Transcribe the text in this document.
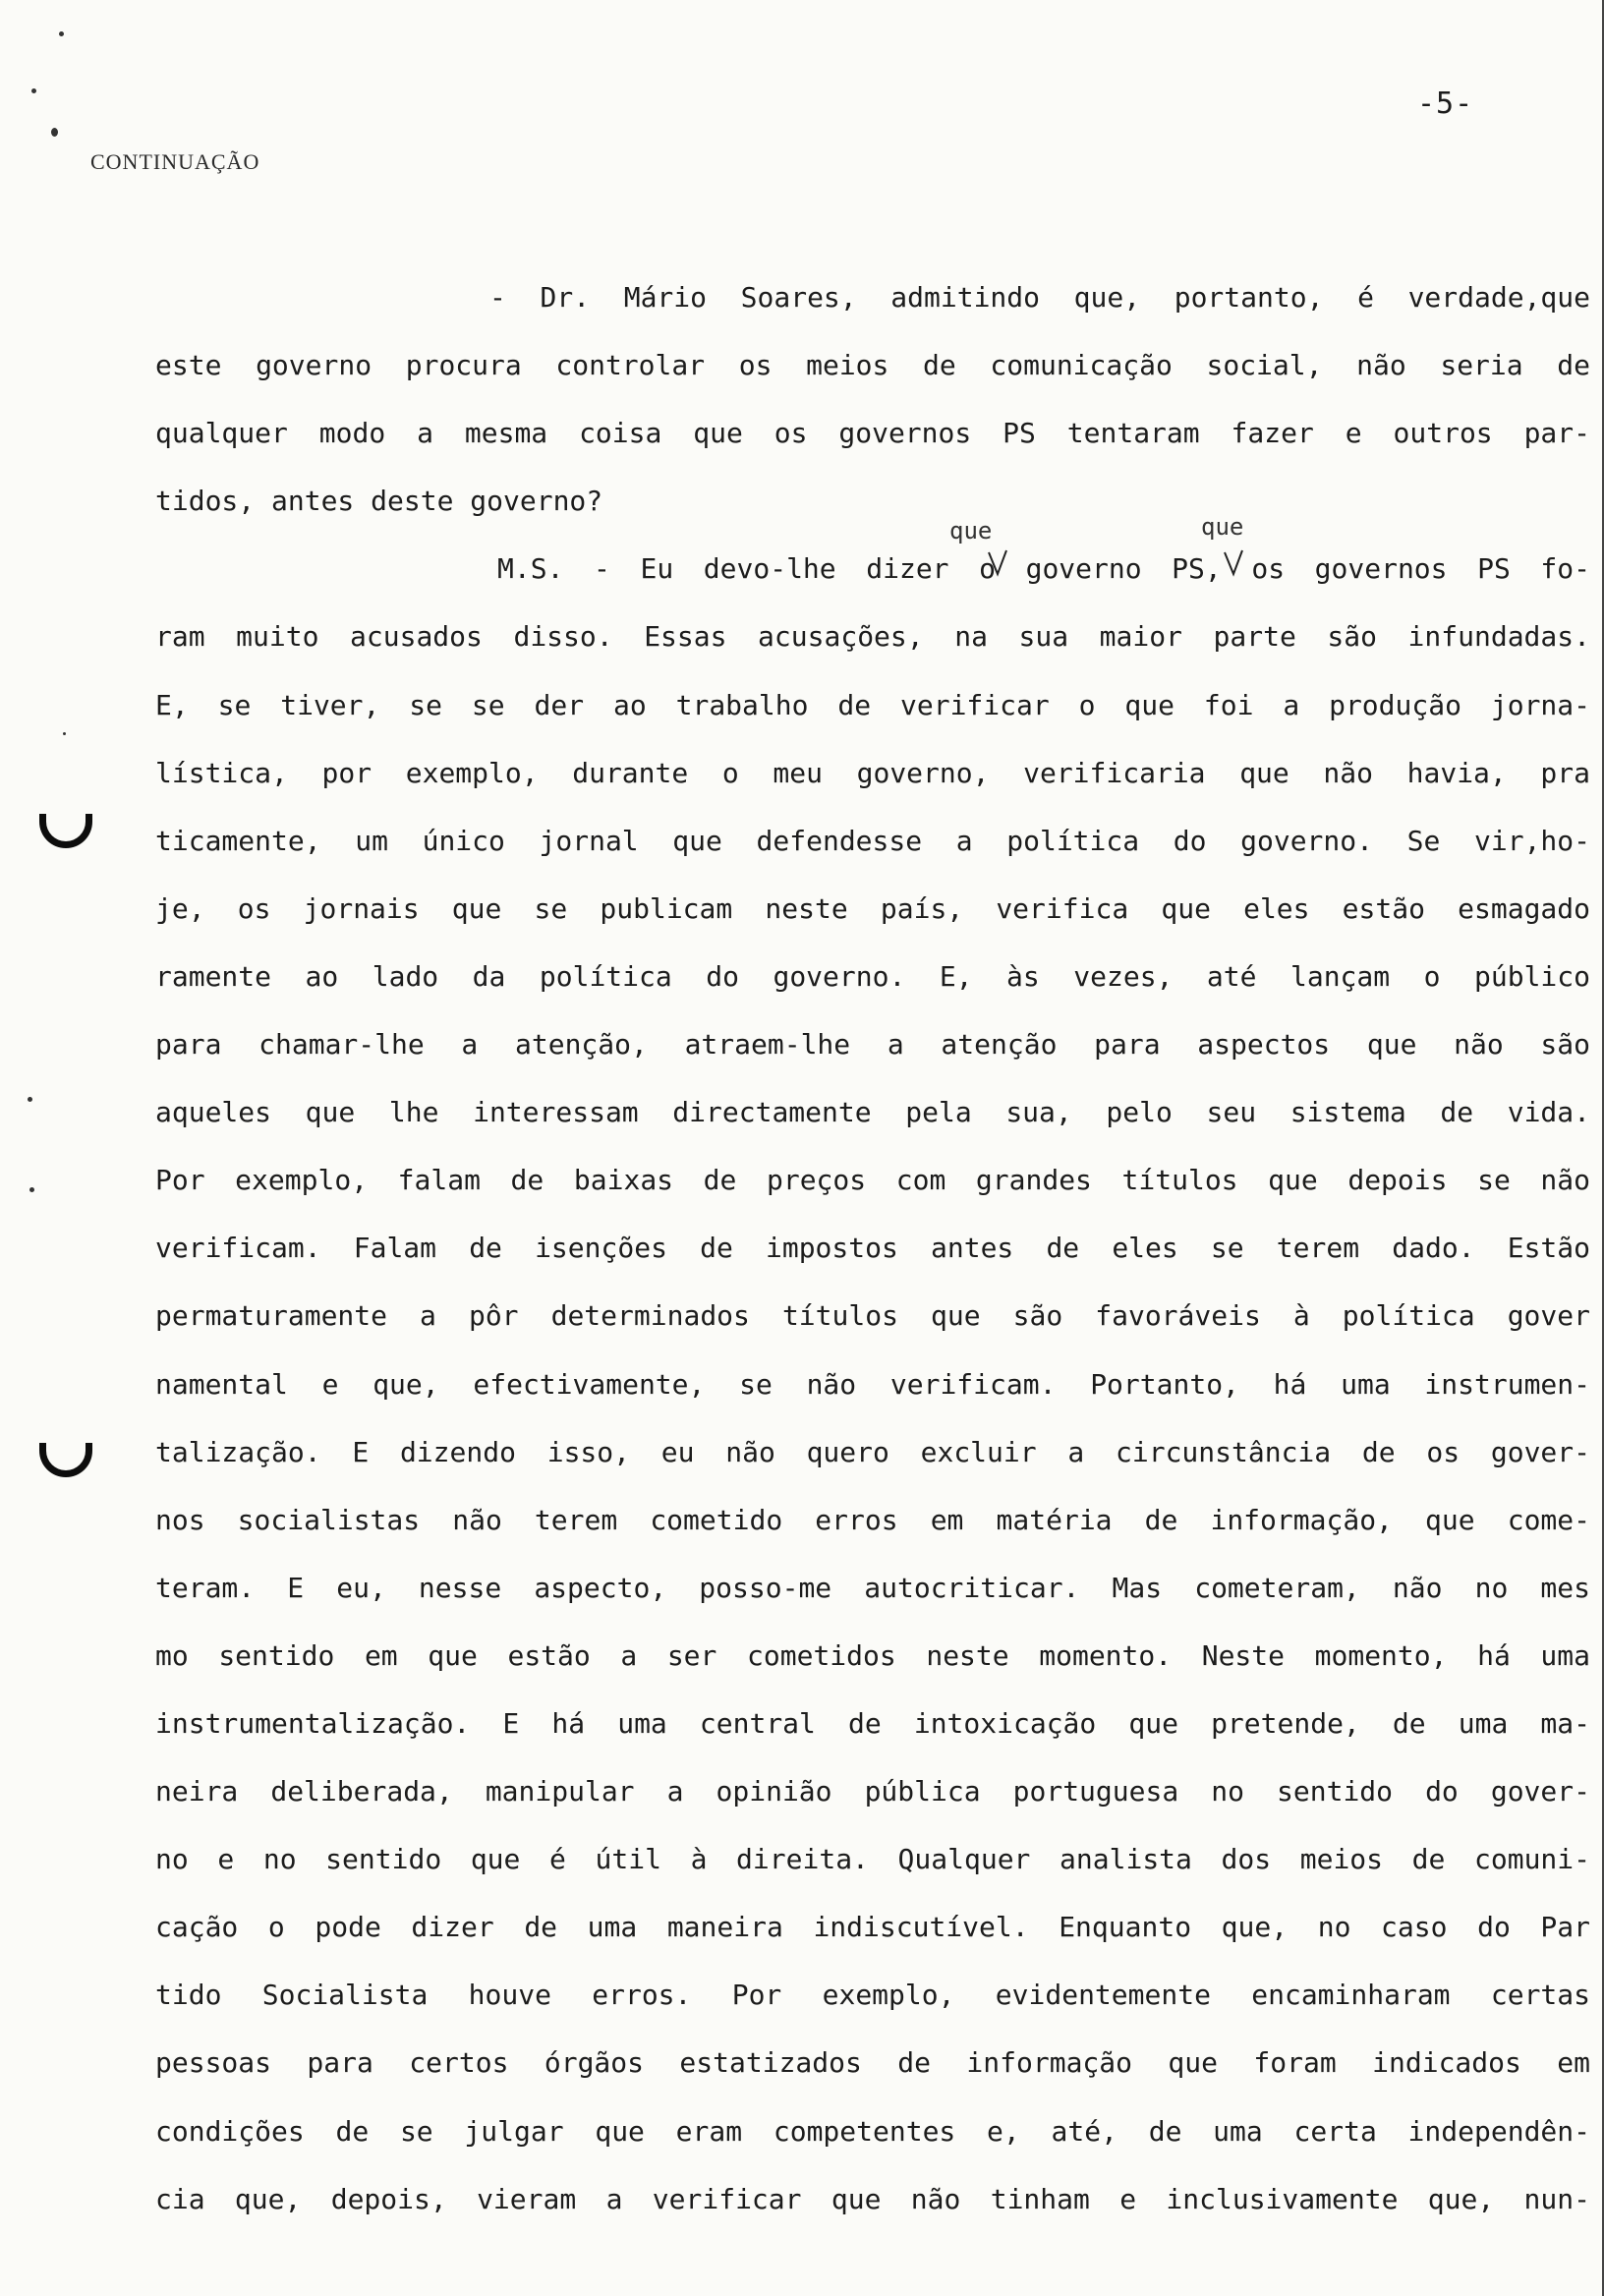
-5-
CONTINUAÇÃO
que	que
- Dr. Mário Soares, admitindo que, portanto, é verdade,que
este governo procura controlar os meios de comunicação social, não seria de
qualquer modo a mesma coisa que os governos PS tentaram fazer e outros par-
tidos, antes deste governo?
M.S. - Eu devo-lhe dizer o governo PS, os governos PS fo-
ram muito acusados disso. Essas acusações, na sua maior parte são infundadas.
E, se tiver, se se der ao trabalho de verificar o que foi a produção jorna-
lística, por exemplo, durante o meu governo, verificaria que não havia, pra
ticamente, um único jornal que defendesse a política do governo. Se vir,ho-
je, os jornais que se publicam neste país, verifica que eles estão esmagado
ramente ao lado da política do governo. E, às vezes, até lançam o público
para chamar-lhe a atenção, atraem-lhe a atenção para aspectos que não são
aqueles que lhe interessam directamente pela sua, pelo seu sistema de vida.
Por exemplo, falam de baixas de preços com grandes títulos que depois se não
verificam. Falam de isenções de impostos antes de eles se terem dado. Estão
permaturamente a pôr determinados títulos que são favoráveis à política gover
namental e que, efectivamente, se não verificam. Portanto, há uma instrumen-
talização. E dizendo isso, eu não quero excluir a circunstância de os gover-
nos socialistas não terem cometido erros em matéria de informação, que come-
teram. E eu, nesse aspecto, posso-me autocriticar. Mas cometeram, não no mes
mo sentido em que estão a ser cometidos neste momento. Neste momento, há uma
instrumentalização. E há uma central de intoxicação que pretende, de uma ma-
neira deliberada, manipular a opinião pública portuguesa no sentido do gover-
no e no sentido que é útil à direita. Qualquer analista dos meios de comuni-
cação o pode dizer de uma maneira indiscutível. Enquanto que, no caso do Par
tido Socialista houve erros. Por exemplo, evidentemente encaminharam certas
pessoas para certos órgãos estatizados de informação que foram indicados em
condições de se julgar que eram competentes e, até, de uma certa independên-
cia que, depois, vieram a verificar que não tinham e inclusivamente que, nun-
